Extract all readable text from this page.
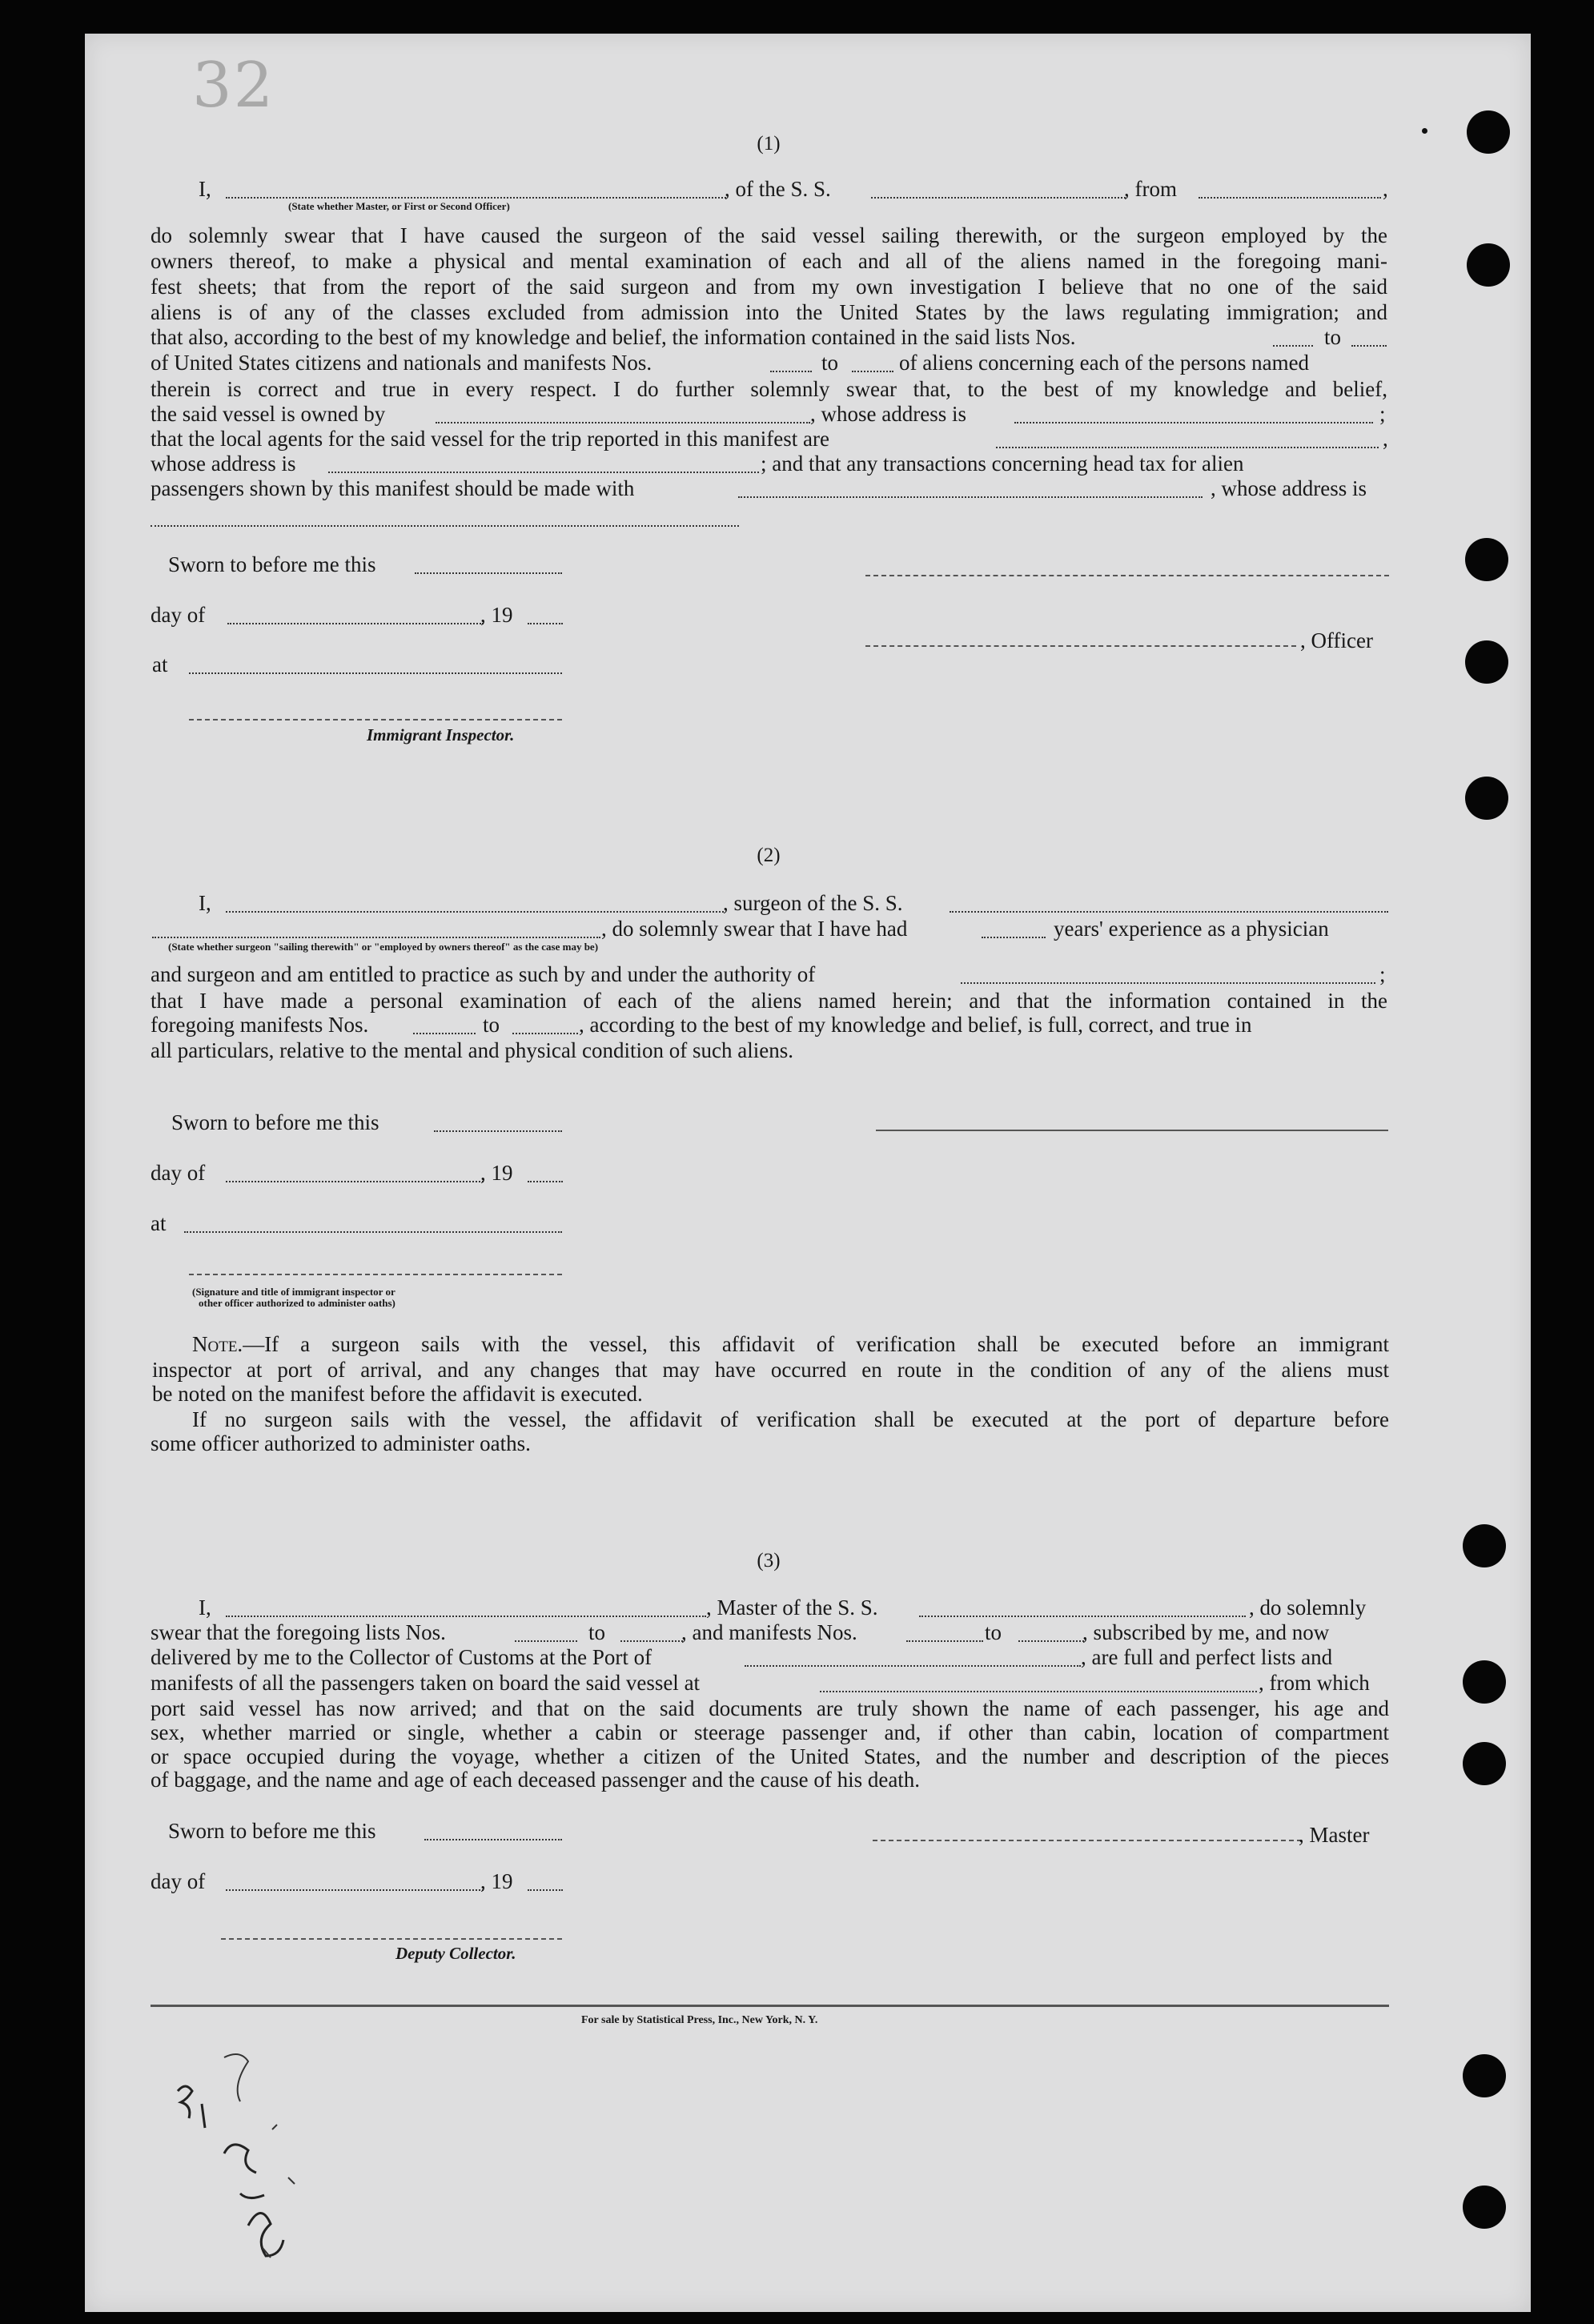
32
(1)
I,	, of the S. S.	, from	,
(State whether Master, or First or Second Officer)
do solemnly swear that I have caused the surgeon of the said vessel sailing therewith, or the surgeon employed by the
owners thereof, to make a physical and mental examination of each and all of the aliens named in the foregoing mani-
fest sheets; that from the report of the said surgeon and from my own investigation I believe that no one of the said
aliens is of any of the classes excluded from admission into the United States by the laws regulating immigration; and
that also, according to the best of my knowledge and belief, the information contained in the said lists Nos.	to
of United States citizens and nationals and manifests Nos.	to	of aliens concerning each of the persons named
therein is correct and true in every respect. I do further solemnly swear that, to the best of my knowledge and belief,
the said vessel is owned by	, whose address is	;
that the local agents for the said vessel for the trip reported in this manifest are	,
whose address is	; and that any transactions concerning head tax for alien
passengers shown by this manifest should be made with	, whose address is
Sworn to before me this
day of	, 19
, Officer
at
Immigrant Inspector.
(2)
I,	, surgeon of the S. S.
, do solemnly swear that I have had	years' experience as a physician
(State whether surgeon "sailing therewith" or "employed by owners thereof" as the case may be)
and surgeon and am entitled to practice as such by and under the authority of	;
that I have made a personal examination of each of the aliens named herein; and that the information contained in the
foregoing manifests Nos.	to	, according to the best of my knowledge and belief, is full, correct, and true in
all particulars, relative to the mental and physical condition of such aliens.
Sworn to before me this
day of	, 19
at
(Signature and title of immigrant inspector or
other officer authorized to administer oaths)
Note.—If a surgeon sails with the vessel, this affidavit of verification shall be executed before an immigrant
inspector at port of arrival, and any changes that may have occurred en route in the condition of any of the aliens must
be noted on the manifest before the affidavit is executed.
If no surgeon sails with the vessel, the affidavit of verification shall be executed at the port of departure before
some officer authorized to administer oaths.
(3)
I,	, Master of the S. S.	, do solemnly
swear that the foregoing lists Nos.	to	, and manifests Nos.	to	, subscribed by me, and now
delivered by me to the Collector of Customs at the Port of	, are full and perfect lists and
manifests of all the passengers taken on board the said vessel at	, from which
port said vessel has now arrived; and that on the said documents are truly shown the name of each passenger, his age and
sex, whether married or single, whether a cabin or steerage passenger and, if other than cabin, location of compartment
or space occupied during the voyage, whether a citizen of the United States, and the number and description of the pieces
of baggage, and the name and age of each deceased passenger and the cause of his death.
Sworn to before me this	, Master
day of	, 19
Deputy Collector.
For sale by Statistical Press, Inc., New York, N. Y.
